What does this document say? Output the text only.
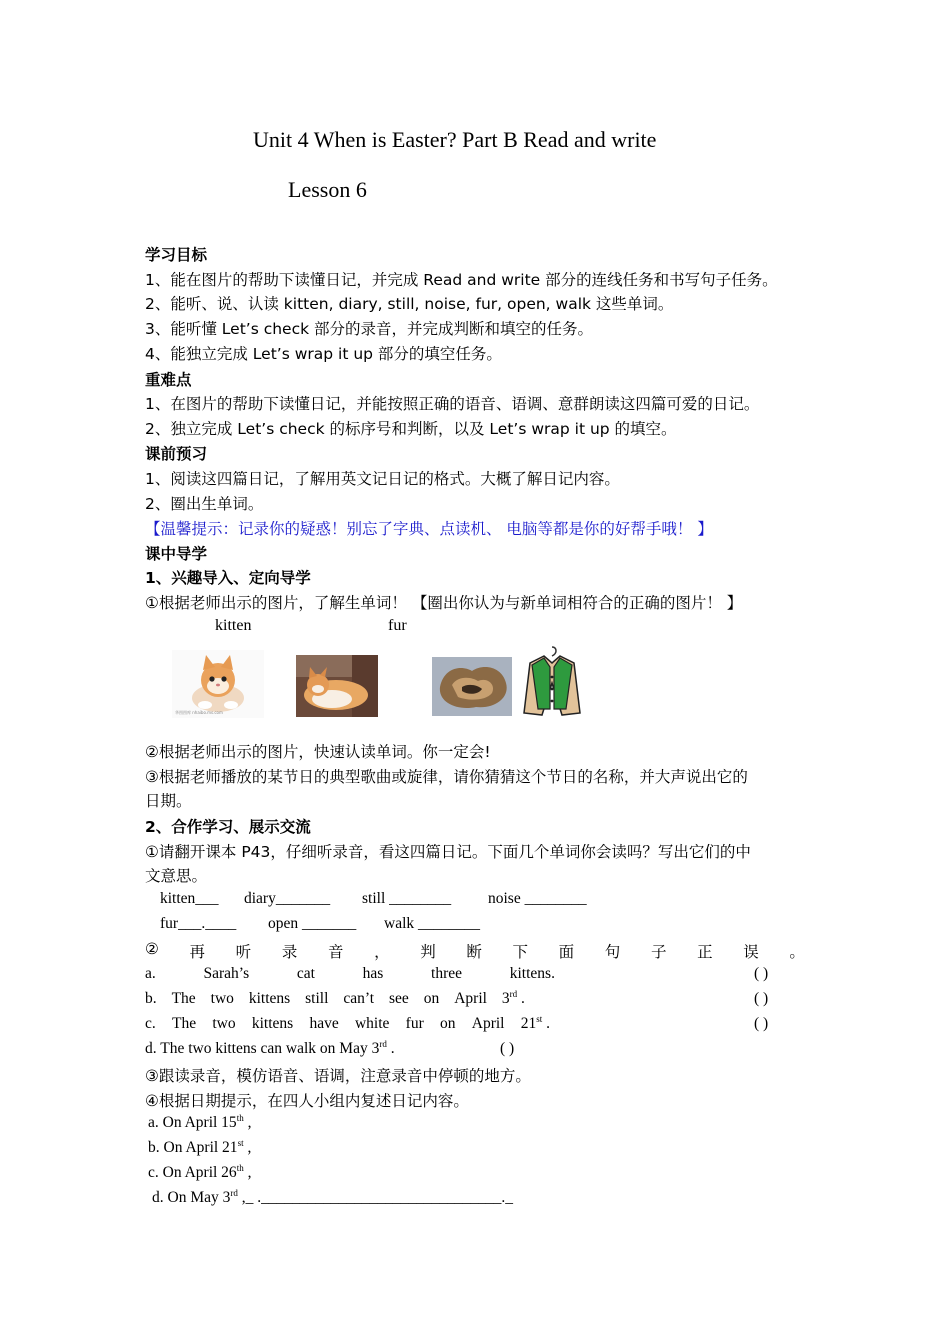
Unit 4 When is Easter? Part B Read and write
Lesson 6
学习目标
1、能在图片的帮助下读懂日记，并完成 Read and write 部分的连线任务和书写句子任务。
2、能听、说、认读 kitten, diary, still, noise, fur, open, walk 这些单词。
3、能听懂 Let’s check 部分的录音，并完成判断和填空的任务。
4、能独立完成 Let’s wrap it up 部分的填空任务。
重难点
1、在图片的帮助下读懂日记，并能按照正确的语音、语调、意群朗读这四篇可爱的日记。
2、独立完成 Let’s check 的标序号和判断，以及 Let’s wrap it up 的填空。
课前预习
1、阅读这四篇日记，了解用英文记日记的格式。大概了解日记内容。
2、圈出生单词。
【温馨提示：记录你的疑惑！别忘了字典、点读机、 电脑等都是你的好帮手哦！ 】
课中导学
1、兴趣导入、定向导学
①根据老师出示的图片，了解生单词！ 【圈出你认为与新单词相符合的正确的图片！ 】
kitten	fur
华图图库 nhaibo.ms.com
②根据老师出示的图片，快速认读单词。你一定会!
③根据老师播放的某节日的典型歌曲或旋律，请你猜猜这个节日的名称，并大声说出它的
日期。
2、合作学习、展示交流
①请翻开课本 P43，仔细听录音，看这四篇日记。下面几个单词你会读吗？写出它们的中
文意思。
kitten___ diary_______ still ________ noise ________
fur___.____ open _______ walk ________
② 再 听 录 音 ， 判 断 下 面 句 子 正 误 。
a.	Sarah’s	cat	has	three	kittens.	( )
b. The two kittens still can’t see on April 3rd .	( )
c. The two kittens have white fur on April 21st .	( )
d. The two kittens can walk on May 3rd .	( )
③跟读录音，模仿语音、语调，注意录音中停顿的地方。
④根据日期提示，在四人小组内复述日记内容。
a. On April 15th ,
b. On April 21st ,
c. On April 26th ,
d. On May 3rd ,_ ._______________________________._
